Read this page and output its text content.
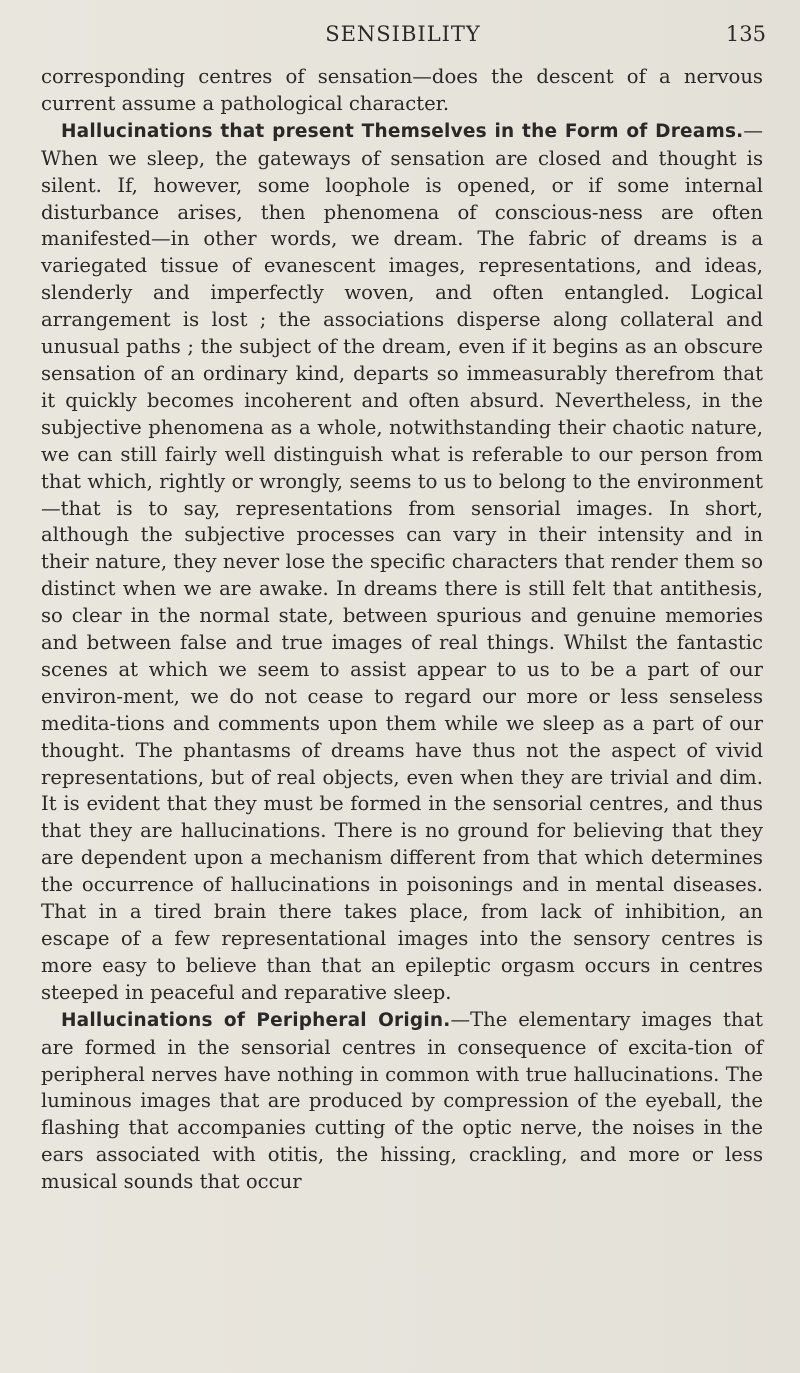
SENSIBILITY	135

corresponding centres of sensation—does the descent of a nervous current assume a pathological character.

Hallucinations that present Themselves in the Form of Dreams.—When we sleep, the gateways of sensation are closed and thought is silent. If, however, some loophole is opened, or if some internal disturbance arises, then phenomena of conscious-ness are often manifested—in other words, we dream. The fabric of dreams is a variegated tissue of evanescent images, representations, and ideas, slenderly and imperfectly woven, and often entangled. Logical arrangement is lost ; the associations disperse along collateral and unusual paths ; the subject of the dream, even if it begins as an obscure sensation of an ordinary kind, departs so immeasurably therefrom that it quickly becomes incoherent and often absurd. Nevertheless, in the subjective phenomena as a whole, notwithstanding their chaotic nature, we can still fairly well distinguish what is referable to our person from that which, rightly or wrongly, seems to us to belong to the environment—that is to say, representations from sensorial images. In short, although the subjective processes can vary in their intensity and in their nature, they never lose the specific characters that render them so distinct when we are awake. In dreams there is still felt that antithesis, so clear in the normal state, between spurious and genuine memories and between false and true images of real things. Whilst the fantastic scenes at which we seem to assist appear to us to be a part of our environ-ment, we do not cease to regard our more or less senseless medita-tions and comments upon them while we sleep as a part of our thought. The phantasms of dreams have thus not the aspect of vivid representations, but of real objects, even when they are trivial and dim. It is evident that they must be formed in the sensorial centres, and thus that they are hallucinations. There is no ground for believing that they are dependent upon a mechanism different from that which determines the occurrence of hallucinations in poisonings and in mental diseases. That in a tired brain there takes place, from lack of inhibition, an escape of a few representational images into the sensory centres is more easy to believe than that an epileptic orgasm occurs in centres steeped in peaceful and reparative sleep.

Hallucinations of Peripheral Origin.—The elementary images that are formed in the sensorial centres in consequence of excita-tion of peripheral nerves have nothing in common with true hallucinations. The luminous images that are produced by compression of the eyeball, the flashing that accompanies cutting of the optic nerve, the noises in the ears associated with otitis, the hissing, crackling, and more or less musical sounds that occur
